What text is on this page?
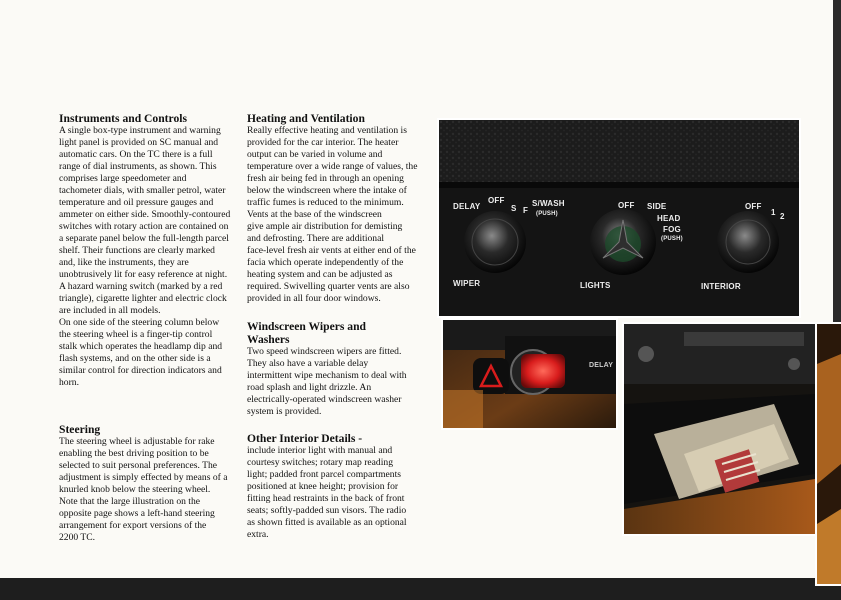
Instruments and Controls

A single box-type instrument and warning

light panel is provided on SC manual and

automatic cars. On the TC there is a full

range of dial instruments, as shown. This

comprises large speedometer and

tachometer dials, with smaller petrol, water

temperature and oil pressure gauges and

ammeter on either side. Smoothly-contoured

switches with rotary action are contained on

a separate panel below the full-length parcel

shelf. Their functions are clearly marked

and, like the instruments, they are

unobtrusively lit for easy reference at night.

A hazard warning switch (marked by a red

triangle), cigarette lighter and electric clock

are included in all models.

On one side of the steering column below

the steering wheel is a finger-tip control

stalk which operates the headlamp dip and

flash systems, and on the other side is a

similar control for direction indicators and

horn.

Steering

The steering wheel is adjustable for rake

enabling the best driving position to be

selected to suit personal preferences. The

adjustment is simply effected by means of a

knurled knob below the steering wheel.

Note that the large illustration on the

opposite page shows a left-hand steering

arrangement for export versions of the

2200 TC.

Heating and Ventilation

Really effective heating and ventilation is

provided for the car interior. The heater

output can be varied in volume and

temperature over a wide range of values, the

fresh air being fed in through an opening

below the windscreen where the intake of

traffic fumes is reduced to the minimum.

Vents at the base of the windscreen

give ample air distribution for demisting

and defrosting. There are additional

face-level fresh air vents at either end of the

facia which operate independently of the

heating system and can be adjusted as

required. Swivelling quarter vents are also

provided in all four door windows.

Windscreen Wipers and
Washers

Two speed windscreen wipers are fitted.

They also have a variable delay

intermittent wipe mechanism to deal with

road splash and light drizzle. An

electrically-operated windscreen washer

system is provided.

Other Interior Details -

include interior light with manual and

courtesy switches; rotary map reading

light; padded front parcel compartments

positioned at knee height; provision for

fitting head restraints in the back of front

seats; softly-padded sun visors. The radio

as shown fitted is available as an optional

extra.

DELAY
OFF
S F
S/WASH
(PUSH)
WIPER
OFF SIDE
HEAD
FOG
(PUSH)
LIGHTS
OFF
1 2
INTERIOR
DELAY
